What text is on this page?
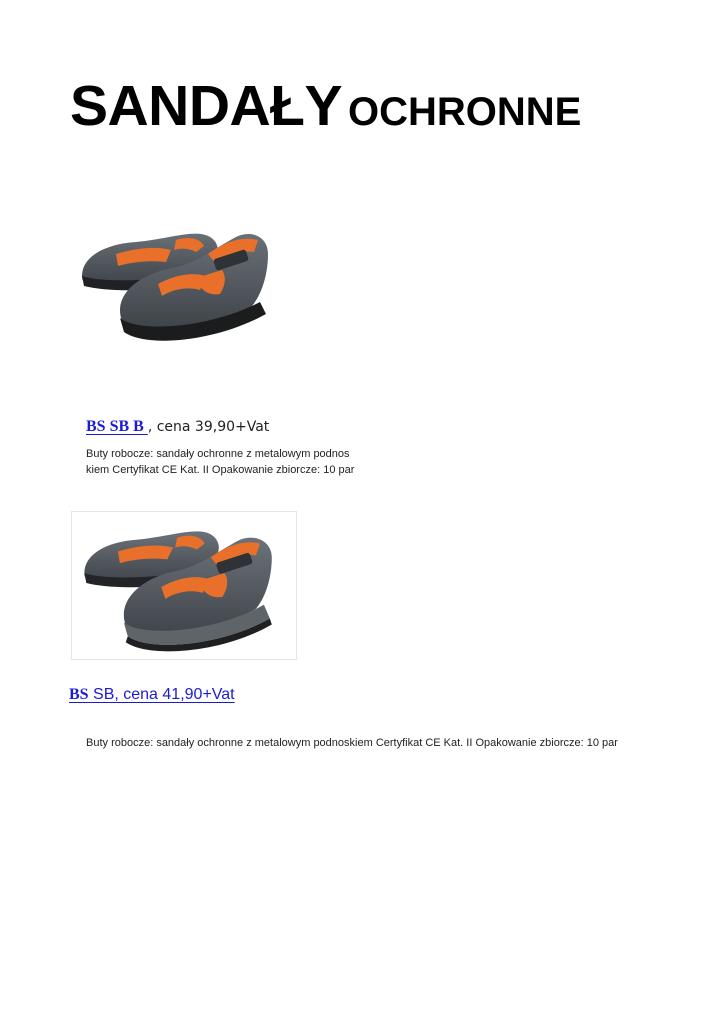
SANDAŁY OCHRONNE
BS SB B , cena 39,90+Vat
Buty robocze: sandały ochronne z metalowym podnos
kiem Certyfikat CE Kat. II Opakowanie zbiorcze: 10 par
BS SB, cena 41,90+Vat
Buty robocze: sandały ochronne z metalowym podnoskiem Certyfikat CE Kat. II Opakowanie zbiorcze: 10 par
